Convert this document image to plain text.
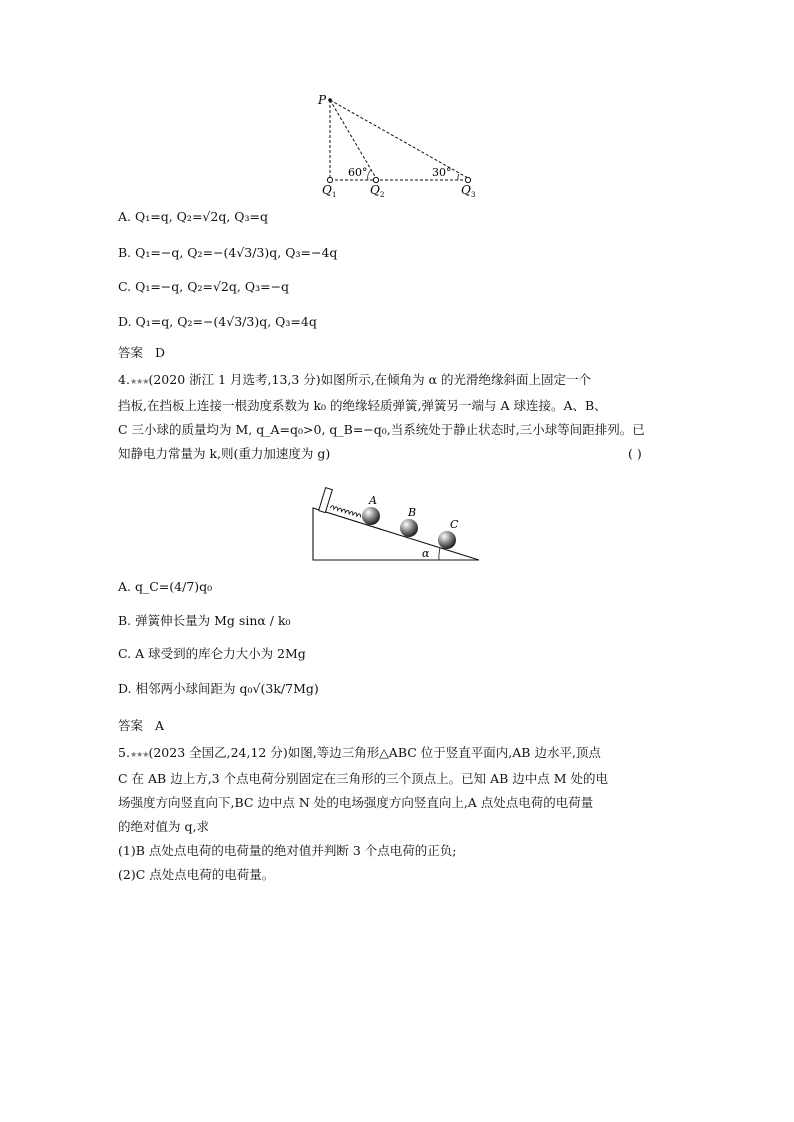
P
60°	30°
Q 1	Q 2	Q 3
A. Q₁=q, Q₂=√2q, Q₃=q
B. Q₁=−q, Q₂=−(4√3/3)q, Q₃=−4q
C. Q₁=−q, Q₂=√2q, Q₃=−q
D. Q₁=q, Q₂=−(4√3/3)q, Q₃=4q
答案 D
4.★★★(2020 浙江 1 月选考,13,3 分)如图所示,在倾角为 α 的光滑绝缘斜面上固定一个
挡板,在挡板上连接一根劲度系数为 k₀ 的绝缘轻质弹簧,弹簧另一端与 A 球连接。A、B、
C 三小球的质量均为 M, q_A=q₀>0, q_B=−q₀,当系统处于静止状态时,三小球等间距排列。已
知静电力常量为 k,则(重力加速度为 g)	( )
A
B
C
α
A. q_C=(4/7)q₀
B. 弹簧伸长量为 Mg sinα / k₀
C. A 球受到的库仑力大小为 2Mg
D. 相邻两小球间距为 q₀√(3k/7Mg)
答案 A
5.★★★(2023 全国乙,24,12 分)如图,等边三角形△ABC 位于竖直平面内,AB 边水平,顶点
C 在 AB 边上方,3 个点电荷分别固定在三角形的三个顶点上。已知 AB 边中点 M 处的电
场强度方向竖直向下,BC 边中点 N 处的电场强度方向竖直向上,A 点处点电荷的电荷量
的绝对值为 q,求
(1)B 点处点电荷的电荷量的绝对值并判断 3 个点电荷的正负;
(2)C 点处点电荷的电荷量。
